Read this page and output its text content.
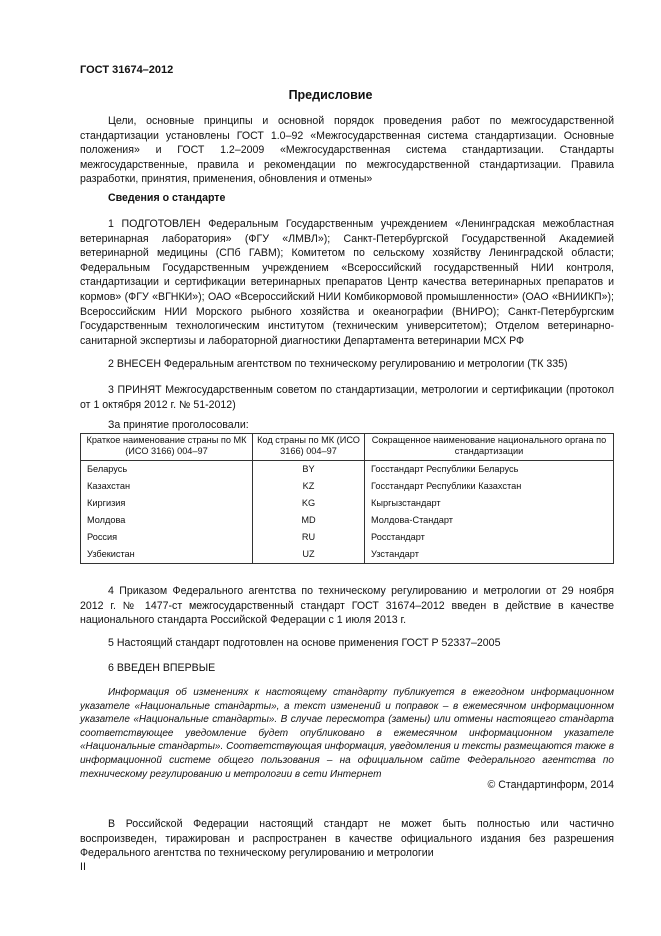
ГОСТ 31674–2012
Предисловие
Цели, основные принципы и основной порядок проведения работ по межгосударственной стандартизации установлены ГОСТ 1.0–92 «Межгосударственная система стандартизации. Основные положения» и ГОСТ 1.2–2009 «Межгосударственная система стандартизации. Стандарты межгосударственные, правила и рекомендации по межгосударственной стандартизации. Правила разработки, принятия, применения, обновления и отмены»
Сведения о стандарте
1 ПОДГОТОВЛЕН Федеральным Государственным учреждением «Ленинградская межобластная ветеринарная лаборатория» (ФГУ «ЛМВЛ»); Санкт-Петербургской Государственной Академией ветеринарной медицины (СПб ГАВМ); Комитетом по сельскому хозяйству Ленинградской области; Федеральным Государственным учреждением «Всероссийский государственный НИИ контроля, стандартизации и сертификации ветеринарных препаратов Центр качества ветеринарных препаратов и кормов» (ФГУ «ВГНКИ»); ОАО «Всероссийский НИИ Комбикормовой промышленности» (ОАО «ВНИИКП»); Всероссийским НИИ Морского рыбного хозяйства и океанографии (ВНИРО); Санкт-Петербургским Государственным технологическим институтом (техническим университетом); Отделом ветеринарно-санитарной экспертизы и лабораторной диагностики Департамента ветеринарии МСХ РФ
2 ВНЕСЕН Федеральным агентством по техническому регулированию и метрологии (ТК 335)
3 ПРИНЯТ Межгосударственным советом по стандартизации, метрологии и сертификации (протокол от 1 октября 2012 г. № 51-2012)
За принятие проголосовали:
Краткое наименование страны по МК (ИСО 3166) 004–97	Код страны по МК (ИСО 3166) 004–97	Сокращенное наименование национального органа по стандартизации
Беларусь	BY	Госстандарт Республики Беларусь
Казахстан	KZ	Госстандарт Республики Казахстан
Киргизия	KG	Кыргызстандарт
Молдова	MD	Молдова-Стандарт
Россия	RU	Росстандарт
Узбекистан	UZ	Узстандарт
4 Приказом Федерального агентства по техническому регулированию и метрологии от 29 ноября 2012 г. № 1477-ст межгосударственный стандарт ГОСТ 31674–2012 введен в действие в качестве национального стандарта Российской Федерации с 1 июля 2013 г.
5 Настоящий стандарт подготовлен на основе применения ГОСТ Р 52337–2005
6 ВВЕДЕН ВПЕРВЫЕ
Информация об изменениях к настоящему стандарту публикуется в ежегодном информационном указателе «Национальные стандарты», а текст изменений и поправок – в ежемесячном информационном указателе «Национальные стандарты». В случае пересмотра (замены) или отмены настоящего стандарта соответствующее уведомление будет опубликовано в ежемесячном информационном указателе «Национальные стандарты». Соответствующая информация, уведомления и тексты размещаются также в информационной системе общего пользования – на официальном сайте Федерального агентства по техническому регулированию и метрологии в сети Интернет
© Стандартинформ, 2014
В Российской Федерации настоящий стандарт не может быть полностью или частично воспроизведен, тиражирован и распространен в качестве официального издания без разрешения Федерального агентства по техническому регулированию и метрологии
II
